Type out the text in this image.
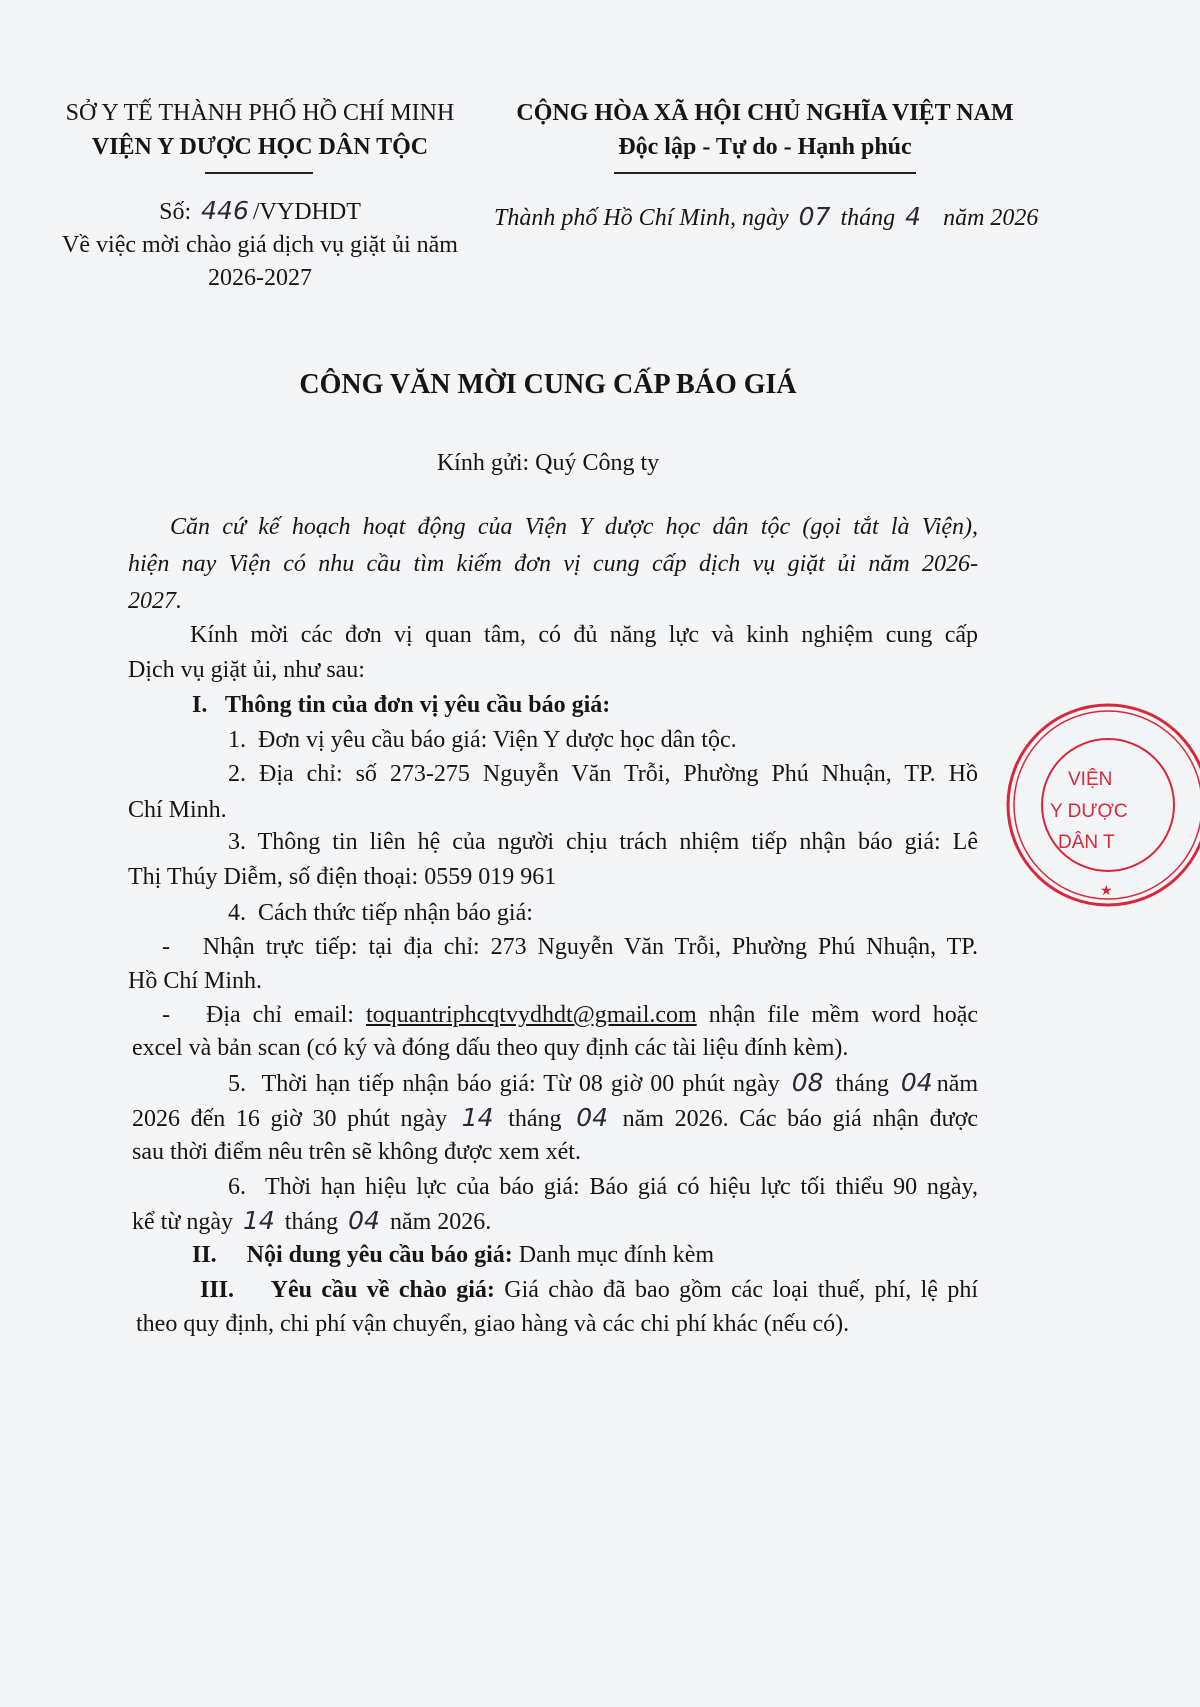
SỞ Y TẾ THÀNH PHỐ HỒ CHÍ MINH
VIỆN Y DƯỢC HỌC DÂN TỘC
Số: 446 /VYDHDT
Về việc mời chào giá dịch vụ giặt ủi năm
2026-2027
CỘNG HÒA XÃ HỘI CHỦ NGHĨA VIỆT NAM
Độc lập - Tự do - Hạnh phúc
Thành phố Hồ Chí Minh, ngày 07 tháng 4 năm 2026
CÔNG VĂN MỜI CUNG CẤP BÁO GIÁ
Kính gửi: Quý Công ty
Căn cứ kế hoạch hoạt động của Viện Y dược học dân tộc (gọi tắt là Viện),
hiện nay Viện có nhu cầu tìm kiếm đơn vị cung cấp dịch vụ giặt ủi năm 2026-
2027.
Kính mời các đơn vị quan tâm, có đủ năng lực và kinh nghiệm cung cấp
Dịch vụ giặt ủi, như sau:
I.   Thông tin của đơn vị yêu cầu báo giá:
1.  Đơn vị yêu cầu báo giá: Viện Y dược học dân tộc.
2. Địa chỉ: số 273-275 Nguyễn Văn Trỗi, Phường Phú Nhuận, TP. Hồ
Chí Minh.
3. Thông tin liên hệ của người chịu trách nhiệm tiếp nhận báo giá: Lê
Thị Thúy Diễm, số điện thoại: 0559 019 961
4.  Cách thức tiếp nhận báo giá:
-   Nhận trực tiếp: tại địa chỉ: 273 Nguyễn Văn Trỗi, Phường Phú Nhuận, TP.
Hồ Chí Minh.
-   Địa chỉ email: toquantriphcqtvydhdt@gmail.com nhận file mềm word hoặc
excel và bản scan (có ký và đóng dấu theo quy định các tài liệu đính kèm).
5.  Thời hạn tiếp nhận báo giá: Từ 08 giờ 00 phút ngày 08 tháng 04 năm
2026 đến 16 giờ 30 phút ngày 14 tháng 04 năm 2026. Các báo giá nhận được
sau thời điểm nêu trên sẽ không được xem xét.
6.  Thời hạn hiệu lực của báo giá: Báo giá có hiệu lực tối thiểu 90 ngày,
kể từ ngày 14 tháng 04 năm 2026.
II.     Nội dung yêu cầu báo giá: Danh mục đính kèm
III.    Yêu cầu về chào giá: Giá chào đã bao gồm các loại thuế, phí, lệ phí
theo quy định, chi phí vận chuyển, giao hàng và các chi phí khác (nếu có).
VIỆN
Y DƯỢC
DÂN T
★
